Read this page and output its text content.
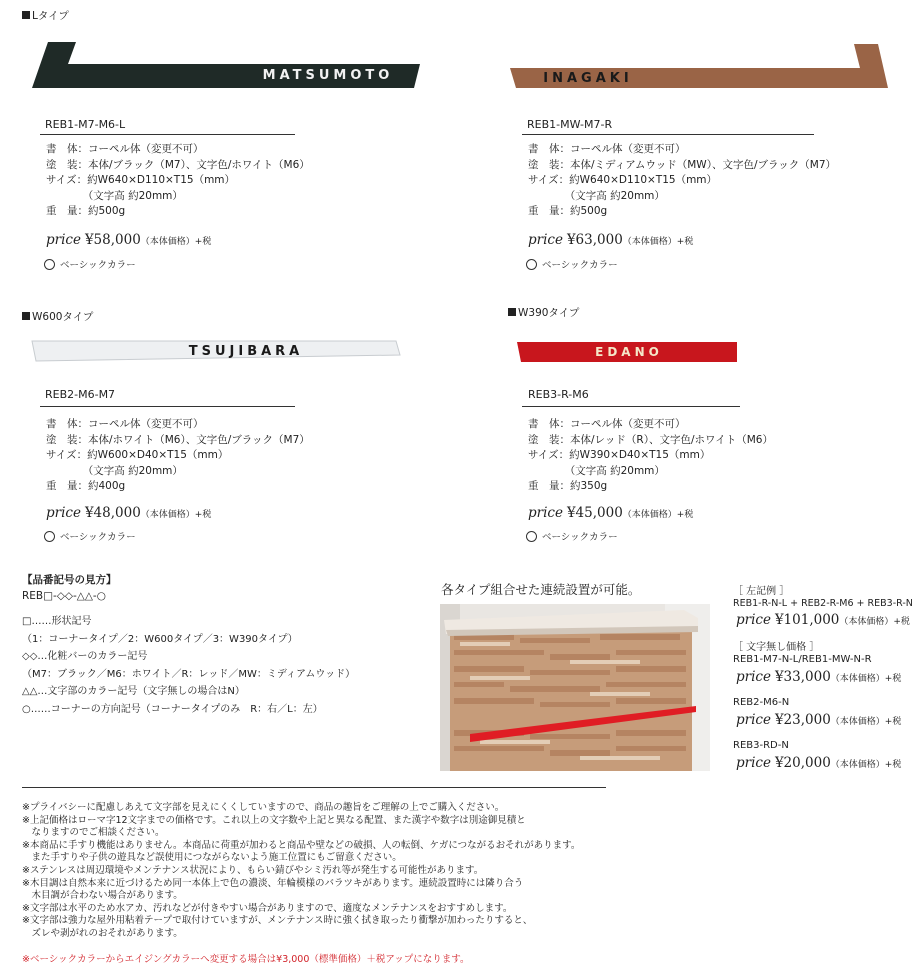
Lタイプ
W600タイプ	W390タイプ
MATSUMOTO	INAGAKI
TSUJIBARA	EDANO
REB1-M7-M6-L
書　体：コーペル体（変更不可）
塗　装：本体/ブラック（M7）、文字色/ホワイト（M6）
サイズ：約W640×D110×T15（mm）
　　　　（文字高 約20mm）
重　量：約500g
price ¥58,000（本体価格）+税
ベーシックカラー
REB1-MW-M7-R
書　体：コーペル体（変更不可）
塗　装：本体/ミディアムウッド（MW）、文字色/ブラック（M7）
サイズ：約W640×D110×T15（mm）
　　　　（文字高 約20mm）
重　量：約500g
price ¥63,000（本体価格）+税
ベーシックカラー
REB2-M6-M7
書　体：コーペル体（変更不可）
塗　装：本体/ホワイト（M6）、文字色/ブラック（M7）
サイズ：約W600×D40×T15（mm）
　　　　（文字高 約20mm）
重　量：約400g
price ¥48,000（本体価格）+税
ベーシックカラー
REB3-R-M6
書　体：コーペル体（変更不可）
塗　装：本体/レッド（R）、文字色/ホワイト（M6）
サイズ：約W390×D40×T15（mm）
　　　　（文字高 約20mm）
重　量：約350g
price ¥45,000（本体価格）+税
ベーシックカラー
【品番記号の見方】
REB□-◇◇-△△-○
□……形状記号
（1：コーナータイプ／2：W600タイプ／3：W390タイプ）
◇◇…化粧バーのカラー記号
（M7：ブラック／M6：ホワイト／R：レッド／MW：ミディアムウッド）
△△…文字部のカラー記号（文字無しの場合はN）
○……コーナーの方向記号（コーナータイプのみ　R：右／L：左）
各タイプ組合せた連続設置が可能。	［ 左記例 ］
REB1-R-N-L + REB2-R-M6 + REB3-R-N
price ¥101,000（本体価格）+税
［ 文字無し価格 ］
REB1-M7-N-L/REB1-MW-N-R
price ¥33,000（本体価格）+税
REB2-M6-N
price ¥23,000（本体価格）+税
REB3-RD-N
price ¥20,000（本体価格）+税
※プライバシーに配慮しあえて文字部を見えにくくしていますので、商品の趣旨をご理解の上でご購入ください。
※上記価格はローマ字12文字までの価格です。これ以上の文字数や上記と異なる配置、また漢字や数字は別途御見積と
　なりますのでご相談ください。
※本商品に手すり機能はありません。本商品に荷重が加わると商品や壁などの破損、人の転倒、ケガにつながるおそれがあります。
　また手すりや子供の遊具など誤使用につながらないよう施工位置にもご留意ください。
※ステンレスは周辺環境やメンテナンス状況により、もらい錆びやシミ汚れ等が発生する可能性があります。
※木目調は自然本来に近づけるため同一本体上で色の濃淡、年輪模様のバラツキがあります。連続設置時には隣り合う
　木目調が合わない場合があります。
※文字部は水平のため水アカ、汚れなどが付きやすい場合がありますので、適度なメンテナンスをおすすめします。
※文字部は強力な屋外用粘着テープで取付けていますが、メンテナンス時に強く拭き取ったり衝撃が加わったりすると、
　ズレや剥がれのおそれがあります。
※ベーシックカラーからエイジングカラーへ変更する場合は¥3,000（標準価格）＋税アップになります。
